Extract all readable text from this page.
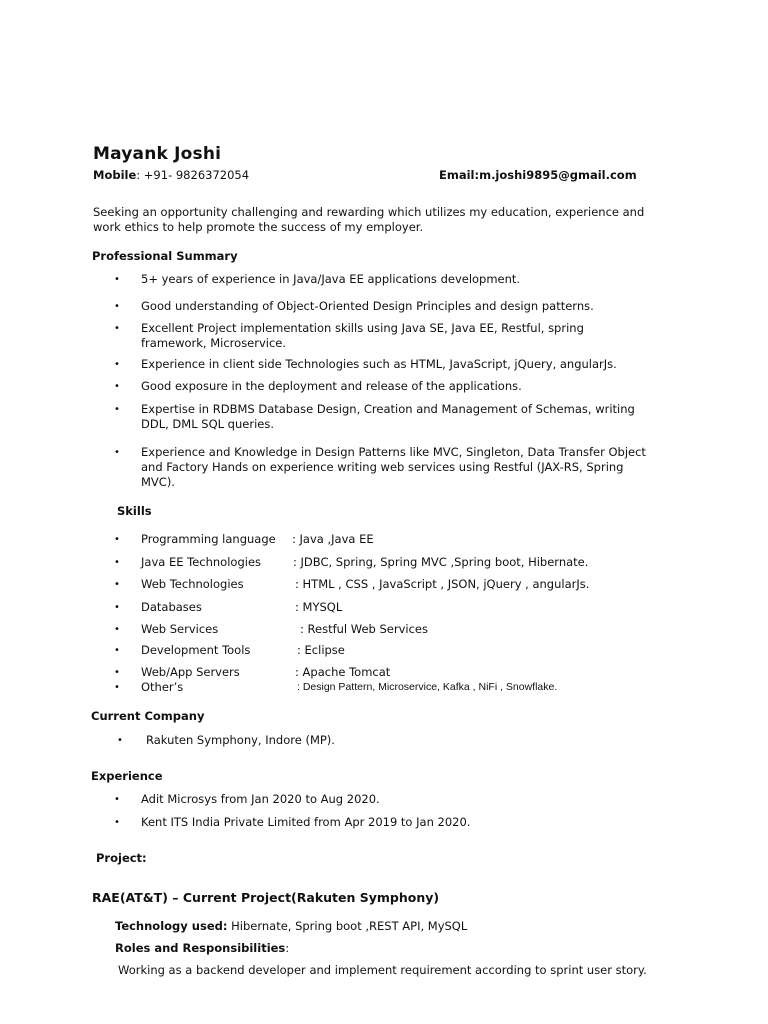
Mayank Joshi
Mobile: +91- 9826372054	Email:m.joshi9895@gmail.com
Seeking an opportunity challenging and rewarding which utilizes my education, experience and work ethics to help promote the success of my employer.
Professional Summary
• 5+ years of experience in Java/Java EE applications development.
• Good understanding of Object-Oriented Design Principles and design patterns.
• Excellent Project implementation skills using Java SE, Java EE, Restful, spring framework, Microservice.
• Experience in client side Technologies such as HTML, JavaScript, jQuery, angularJs.
• Good exposure in the deployment and release of the applications.
• Expertise in RDBMS Database Design, Creation and Management of Schemas, writing DDL, DML SQL queries.
• Experience and Knowledge in Design Patterns like MVC, Singleton, Data Transfer Object and Factory Hands on experience writing web services using Restful (JAX-RS, Spring MVC).
Skills
• Programming language : Java ,Java EE
• Java EE Technologies	: JDBC, Spring, Spring MVC ,Spring boot, Hibernate.
• Web Technologies	: HTML , CSS , JavaScript , JSON, jQuery , angularJs.
• Databases	: MYSQL
• Web Services	: Restful Web Services
• Development Tools	: Eclipse
• Web/App Servers	: Apache Tomcat
• Other’s	: Design Pattern, Microservice, Kafka , NiFi , Snowflake.
Current Company
• Rakuten Symphony, Indore (MP).
Experience
• Adit Microsys from Jan 2020 to Aug 2020.
• Kent ITS India Private Limited from Apr 2019 to Jan 2020.
Project:
RAE(AT&T) – Current Project(Rakuten Symphony)
Technology used: Hibernate, Spring boot ,REST API, MySQL
Roles and Responsibilities:
Working as a backend developer and implement requirement according to sprint user story.
